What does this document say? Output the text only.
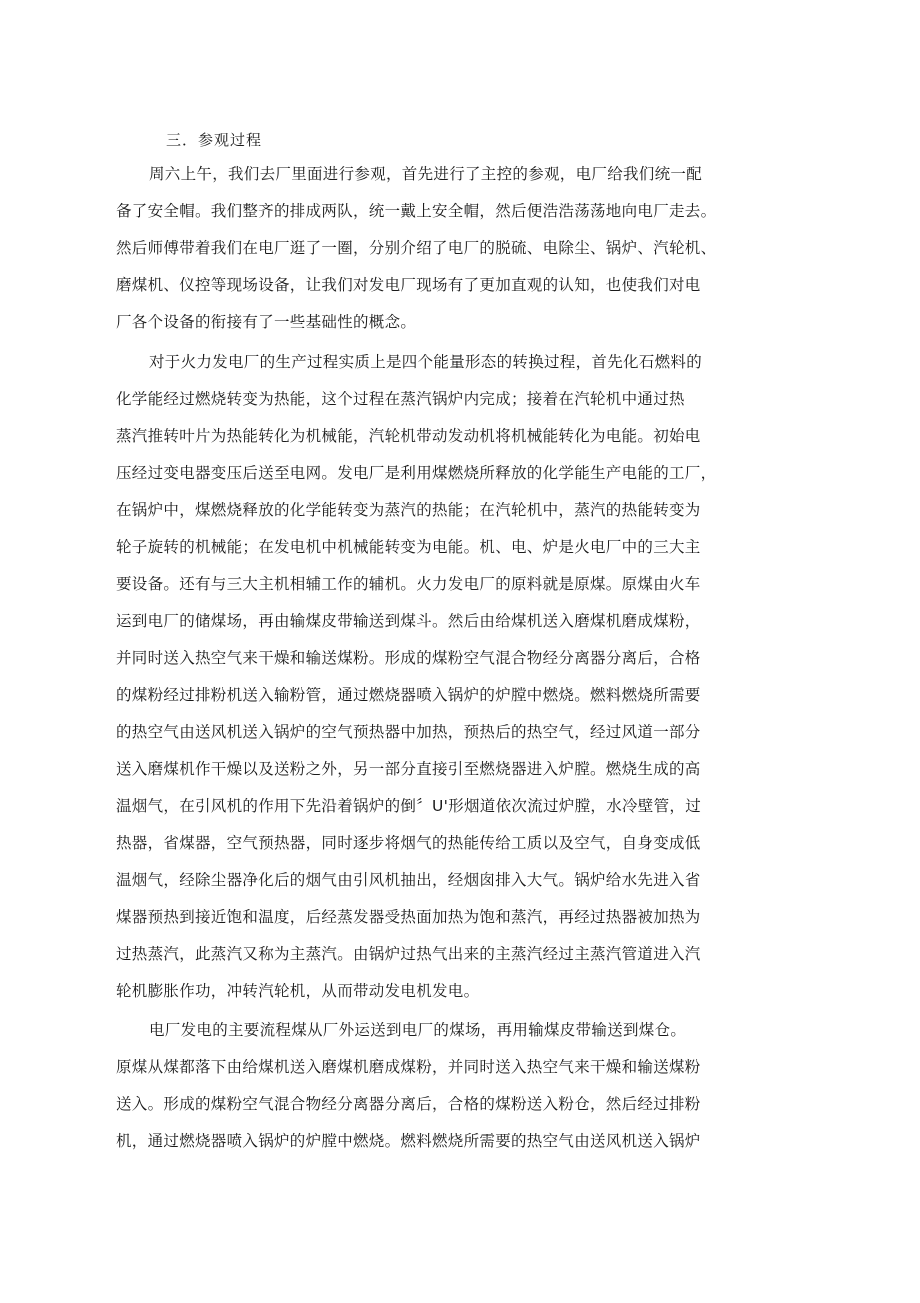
三．参观过程
周六上午，我们去厂里面进行参观，首先进行了主控的参观，电厂给我们统一配
备了安全帽。我们整齐的排成两队，统一戴上安全帽，然后便浩浩荡荡地向电厂走去。
然后师傅带着我们在电厂逛了一圈，分别介绍了电厂的脱硫、电除尘、锅炉、汽轮机、
磨煤机、仪控等现场设备，让我们对发电厂现场有了更加直观的认知，也使我们对电
厂各个设备的衔接有了一些基础性的概念。
对于火力发电厂的生产过程实质上是四个能量形态的转换过程，首先化石燃料的
化学能经过燃烧转变为热能，这个过程在蒸汽锅炉内完成；接着在汽轮机中通过热
蒸汽推转叶片为热能转化为机械能，汽轮机带动发动机将机械能转化为电能。初始电
压经过变电器变压后送至电网。发电厂是利用煤燃烧所释放的化学能生产电能的工厂，
在锅炉中，煤燃烧释放的化学能转变为蒸汽的热能；在汽轮机中，蒸汽的热能转变为
轮子旋转的机械能；在发电机中机械能转变为电能。机、电、炉是火电厂中的三大主
要设备。还有与三大主机相辅工作的辅机。火力发电厂的原料就是原煤。原煤由火车
运到电厂的储煤场，再由输煤皮带输送到煤斗。然后由给煤机送入磨煤机磨成煤粉，
并同时送入热空气来干燥和输送煤粉。形成的煤粉空气混合物经分离器分离后，合格
的煤粉经过排粉机送入输粉管，通过燃烧器喷入锅炉的炉膛中燃烧。燃料燃烧所需要
的热空气由送风机送入锅炉的空气预热器中加热，预热后的热空气，经过风道一部分
送入磨煤机作干燥以及送粉之外，另一部分直接引至燃烧器进入炉膛。燃烧生成的高
温烟气，在引风机的作用下先沿着锅炉的倒〞U'形烟道依次流过炉膛，水冷壁管，过
热器，省煤器，空气预热器，同时逐步将烟气的热能传给工质以及空气，自身变成低
温烟气，经除尘器净化后的烟气由引风机抽出，经烟囱排入大气。锅炉给水先进入省
煤器预热到接近饱和温度，后经蒸发器受热面加热为饱和蒸汽，再经过热器被加热为
过热蒸汽，此蒸汽又称为主蒸汽。由锅炉过热气出来的主蒸汽经过主蒸汽管道进入汽
轮机膨胀作功，冲转汽轮机，从而带动发电机发电。
电厂发电的主要流程煤从厂外运送到电厂的煤场，再用输煤皮带输送到煤仓。
原煤从煤都落下由给煤机送入磨煤机磨成煤粉，并同时送入热空气来干燥和输送煤粉
送入。形成的煤粉空气混合物经分离器分离后，合格的煤粉送入粉仓，然后经过排粉
机，通过燃烧器喷入锅炉的炉膛中燃烧。燃料燃烧所需要的热空气由送风机送入锅炉
